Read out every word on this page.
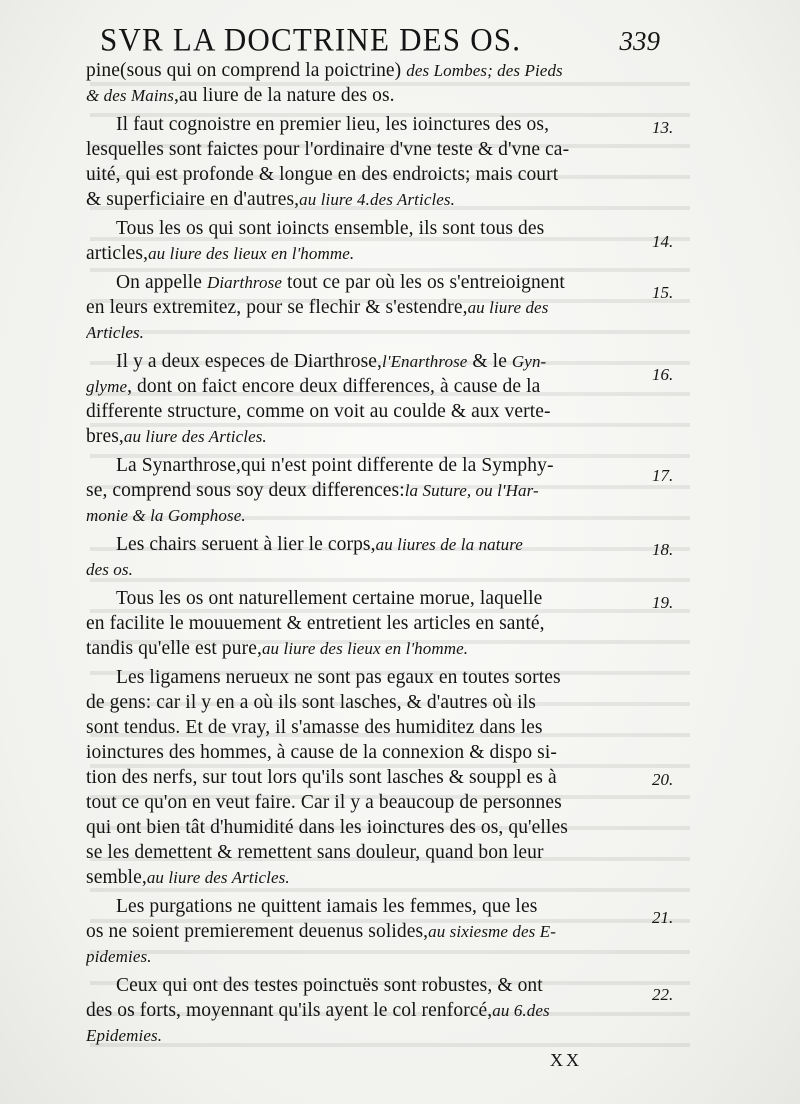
SVR LA DOCTRINE DES OS.	339
pine(sous qui on comprend la poictrine) des Lombes; des Pieds
& des Mains,au liure de la nature des os.
Il faut cognoistre en premier lieu, les ioinctures des os,
lesquelles sont faictes pour l'ordinaire d'vne teste & d'vne ca-
uité, qui est profonde & longue en des endroicts; mais court
& superficiaire en d'autres,au liure 4.des Articles.
Tous les os qui sont ioincts ensemble, ils sont tous des
articles,au liure des lieux en l'homme.
On appelle Diarthrose tout ce par où les os s'entreioignent
en leurs extremitez, pour se flechir & s'estendre,au liure des
Articles.
Il y a deux especes de Diarthrose,l'Enarthrose & le Gyn-
glyme, dont on faict encore deux differences, à cause de la
differente structure, comme on voit au coulde & aux verte-
bres,au liure des Articles.
La Synarthrose,qui n'est point differente de la Symphy-
se, comprend sous soy deux differences:la Suture, ou l'Har-
monie & la Gomphose.
Les chairs seruent à lier le corps,au liures de la nature
des os.
Tous les os ont naturellement certaine morue, laquelle
en facilite le mouuement & entretient les articles en santé,
tandis qu'elle est pure,au liure des lieux en l'homme.
Les ligamens nerueux ne sont pas egaux en toutes sortes
de gens: car il y en a où ils sont lasches, & d'autres où ils
sont tendus. Et de vray, il s'amasse des humiditez dans les
ioinctures des hommes, à cause de la connexion & dispo si-
tion des nerfs, sur tout lors qu'ils sont lasches & souppl es à
tout ce qu'on en veut faire. Car il y a beaucoup de personnes
qui ont bien tât d'humidité dans les ioinctures des os, qu'elles
se les demettent & remettent sans douleur, quand bon leur
semble,au liure des Articles.
Les purgations ne quittent iamais les femmes, que les
os ne soient premierement deuenus solides,au sixiesme des E-
pidemies.
Ceux qui ont des testes poinctuës sont robustes, & ont
des os forts, moyennant qu'ils ayent le col renforcé,au 6.des
Epidemies.
13.
14.
15.
16.
17.
18.
19.
20.
21.
22.
XX
